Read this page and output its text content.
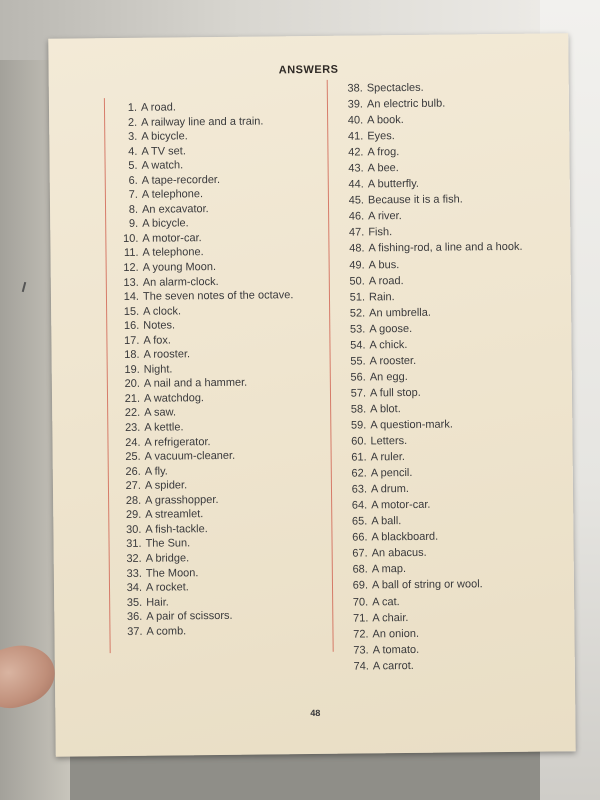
ANSWERS
1. A road.
2. A railway line and a train.
3. A bicycle.
4. A TV set.
5. A watch.
6. A tape-recorder.
7. A telephone.
8. An excavator.
9. A bicycle.
10. A motor-car.
11. A telephone.
12. A young Moon.
13. An alarm-clock.
14. The seven notes of the octave.
15. A clock.
16. Notes.
17. A fox.
18. A rooster.
19. Night.
20. A nail and a hammer.
21. A watchdog.
22. A saw.
23. A kettle.
24. A refrigerator.
25. A vacuum-cleaner.
26. A fly.
27. A spider.
28. A grasshopper.
29. A streamlet.
30. A fish-tackle.
31. The Sun.
32. A bridge.
33. The Moon.
34. A rocket.
35. Hair.
36. A pair of scissors.
37. A comb.
38. Spectacles.
39. An electric bulb.
40. A book.
41. Eyes.
42. A frog.
43. A bee.
44. A butterfly.
45. Because it is a fish.
46. A river.
47. Fish.
48. A fishing-rod, a line and a hook.
49. A bus.
50. A road.
51. Rain.
52. An umbrella.
53. A goose.
54. A chick.
55. A rooster.
56. An egg.
57. A full stop.
58. A blot.
59. A question-mark.
60. Letters.
61. A ruler.
62. A pencil.
63. A drum.
64. A motor-car.
65. A ball.
66. A blackboard.
67. An abacus.
68. A map.
69. A ball of string or wool.
70. A cat.
71. A chair.
72. An onion.
73. A tomato.
74. A carrot.
48
